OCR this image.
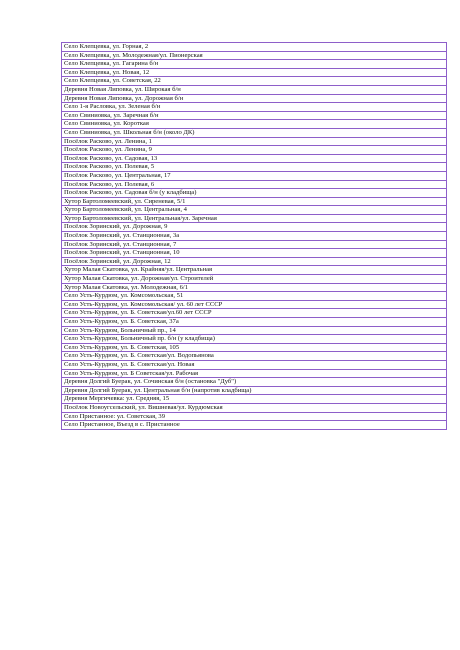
Село Клепцевка, ул. Горная, 2
Село Клепцевка, ул. Молодежная/ул. Пионерская
Село Клепцевка, ул. Гагарина б/н
Село Клепцевка, ул. Новая, 12
Село Клепцевка, ул. Советская, 22
Деревня Новая Липовка, ул. Широкая б/н
Деревня Новая Липовка, ул. Дорожная б/н
Село 1-я Расловка, ул. Зеленая б/н
Село Свиниовка, ул. Заречная б/н
Село Свиниовка, ул. Короткая
Село Свиниовка, ул. Школьная б/н (около ДК)
Посёлок Расково, ул. Ленина, 1
Посёлок Расково, ул. Ленина, 9
Посёлок Расково, ул. Садовая, 13
Посёлок Расково, ул. Полевая, 5
Посёлок Расково, ул. Центральная, 17
Посёлок Расково, ул. Полевая, 6
Посёлок Расково, ул. Садовая б/н (у кладбища)
Хутор Бартоломеевский, ул. Сиреневая, 5/1
Хутор Бартоломеевский, ул. Центральная, 4
Хутор Бартоломеевский, ул. Центральная/ул. Заречная
Посёлок Зоринский, ул. Дорожная, 9
Посёлок Зоринский, ул. Станционная, 3а
Посёлок Зоринский, ул. Станционная, 7
Посёлок Зоринский, ул. Станционная, 10
Посёлок Зоринский, ул. Дорожная, 12
Хутор Малая Скатовка, ул. Крайняя/ул. Центральная
Хутор Малая Скатовка, ул. Дорожная/ул. Строителей
Хутор Малая Скатовка, ул. Молодежная, 6/1
Село Усть-Курдюм, ул. Комсомольская, 51
Село Усть-Курдюм, ул. Комсомольская/ ул. 60 лет СССР
Село Усть-Курдюм, ул. Б. Советская/ул.60 лет СССР
Село Усть-Курдюм, ул. Б. Советская, 37а
Село Усть-Курдюм, Больничный пр., 14
Село Усть-Курдюм, Больничный пр. б/н (у кладбища)
Село Усть-Курдюм, ул. Б. Советская, 105
Село Усть-Курдюм, ул. Б. Советская/ул. Водопьянова
Село Усть-Курдюм, ул. Б. Советская/ул. Новая
Село Усть-Курдюм, ул. Б Советская/ул. Рабочая
Деревня Долгий Буерак, ул. Сочинская б/н (остановка "Дуб")
Деревня Долгий Буерак, ул. Центральная б/н (напротив кладбища)
Деревня Мергичевка: ул. Средняя, 15
Посёлок Новоугсельский, ул. Вишневая/ул. Курдюмская
Село Пристанное: ул. Советская, 39
Село Пристанное, Въезд в с. Пристанное
